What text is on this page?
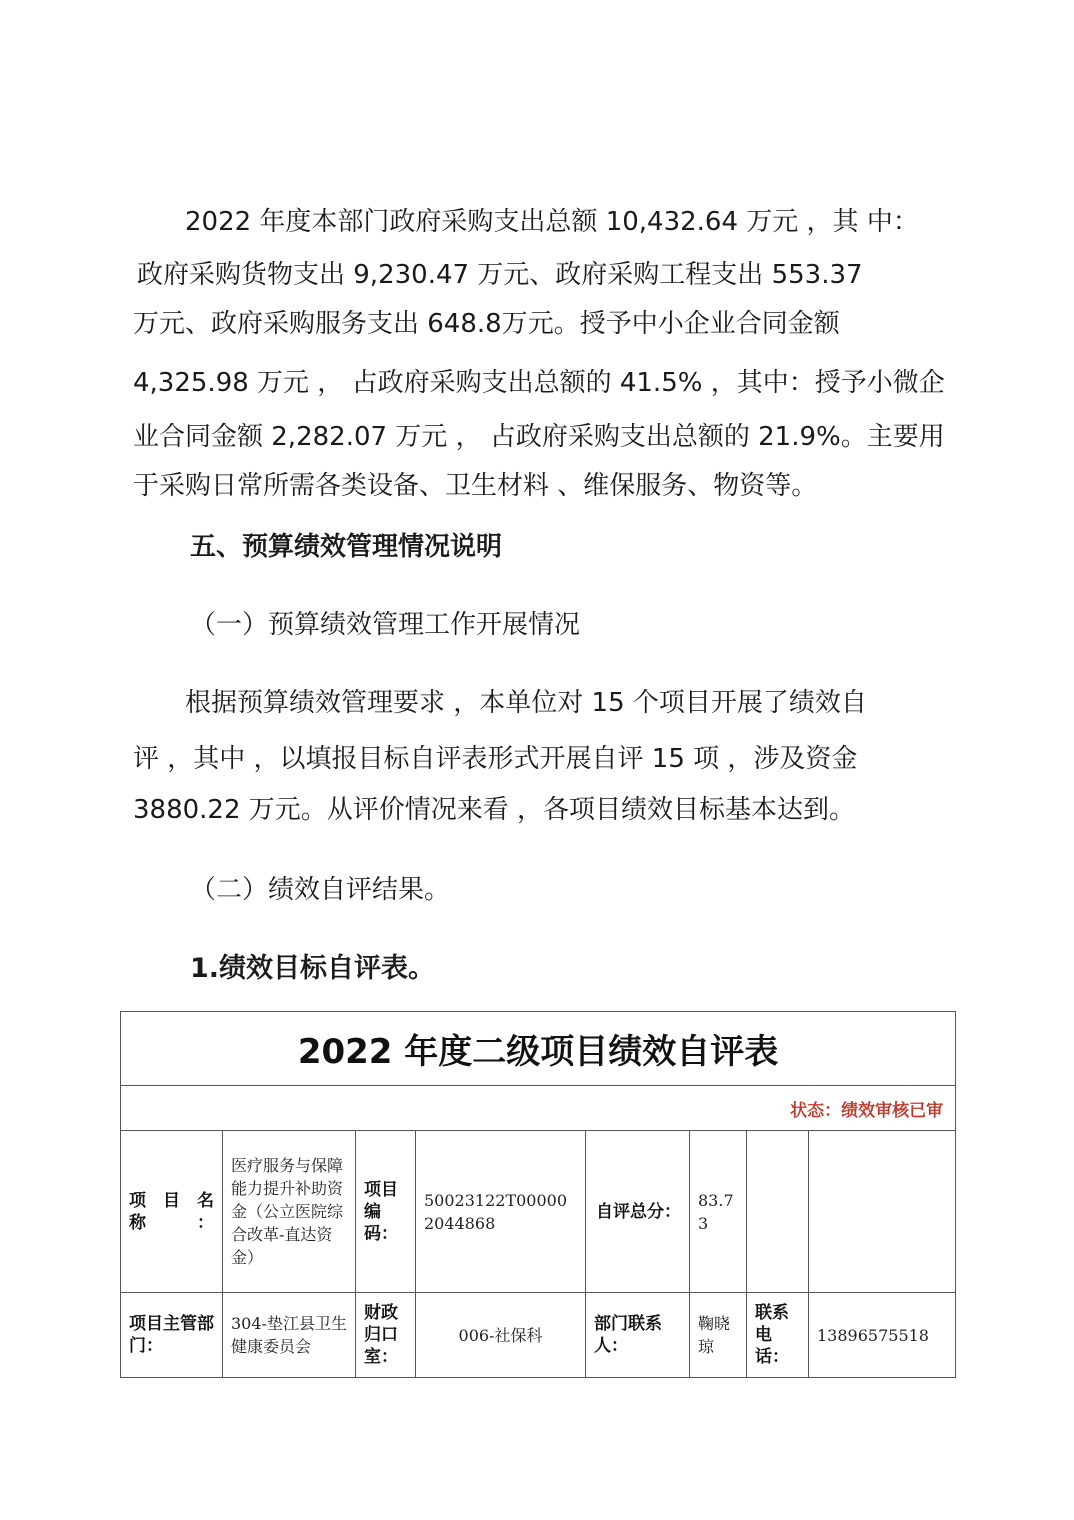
2022 年度本部门政府采购支出总额 10,432.64 万元 ，其 中：
政府采购货物支出 9,230.47 万元、政府采购工程支出 553.37
万元、政府采购服务支出 648.8万元。授予中小企业合同金额
4,325.98 万元 ， 占政府采购支出总额的 41.5% ，其中：授予小微企
业合同金额 2,282.07 万元 ， 占政府采购支出总额的 21.9%。主要用
于采购日常所需各类设备、卫生材料 、维保服务、物资等。
五、预算绩效管理情况说明
（一）预算绩效管理工作开展情况
根据预算绩效管理要求 ，本单位对 15 个项目开展了绩效自
评 ，其中 ，以填报目标自评表形式开展自评 15 项 ，涉及资金
3880.22 万元。从评价情况来看 ，各项目绩效目标基本达到。
（二）绩效自评结果。
1.绩效目标自评表。
2022 年度二级项目绩效自评表							
状态：绩效审核已审							

项 目 名称：	医疗服务与保障能力提升补助资金（公立医院综合改革-直达资金）	项目编码：	50023122T000002044868	自评总分：	83.73		
项目主管部门：	304-垫江县卫生健康委员会	财政归口室：	006-社保科	部门联系人：	鞠晓琼	联系电话：	13896575518
